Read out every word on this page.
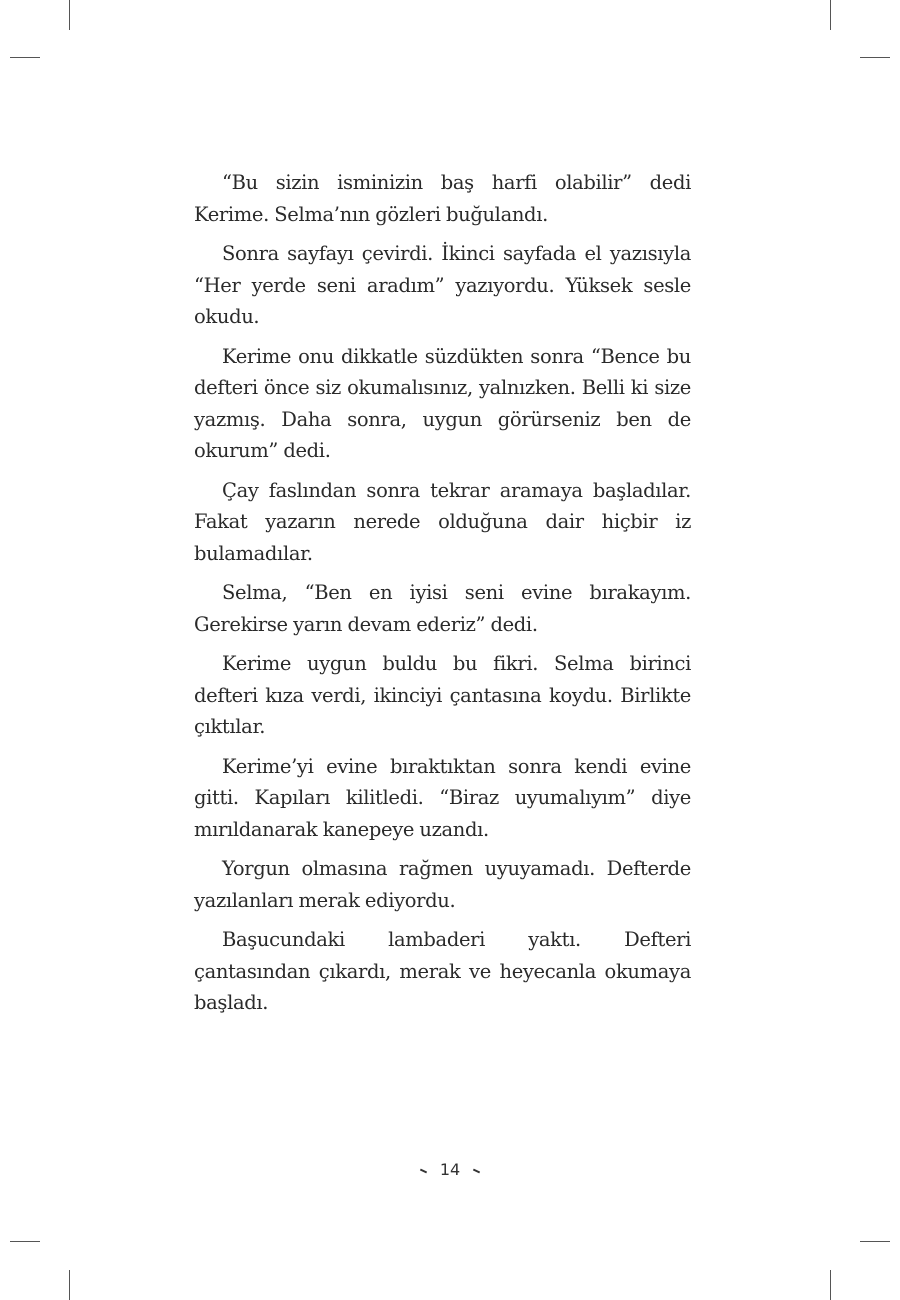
“Bu sizin isminizin baş harfi olabilir” dedi Kerime. Selma’nın gözleri buğulandı.

Sonra sayfayı çevirdi. İkinci sayfada el yazısıyla “Her yerde seni aradım” yazıyordu. Yüksek sesle okudu.

Kerime onu dikkatle süzdükten sonra “Bence bu defteri önce siz okumalısınız, yalnızken. Belli ki size yazmış. Daha sonra, uygun görürseniz ben de okurum” dedi.

Çay faslından sonra tekrar aramaya başladılar. Fakat yazarın nerede olduğuna dair hiçbir iz bulamadılar.

Selma, “Ben en iyisi seni evine bırakayım. Gerekirse yarın devam ederiz” dedi.

Kerime uygun buldu bu fikri. Selma birinci defteri kıza verdi, ikinciyi çantasına koydu. Birlikte çıktılar.

Kerime’yi evine bıraktıktan sonra kendi evine gitti. Kapıları kilitledi. “Biraz uyumalıyım” diye mırıldanarak kanepeye uzandı.

Yorgun olmasına rağmen uyuyamadı. Defterde yazılanları merak ediyordu.

Başucundaki lambaderi yaktı. Defteri çantasından çıkardı, merak ve heyecanla okumaya başladı.

14
